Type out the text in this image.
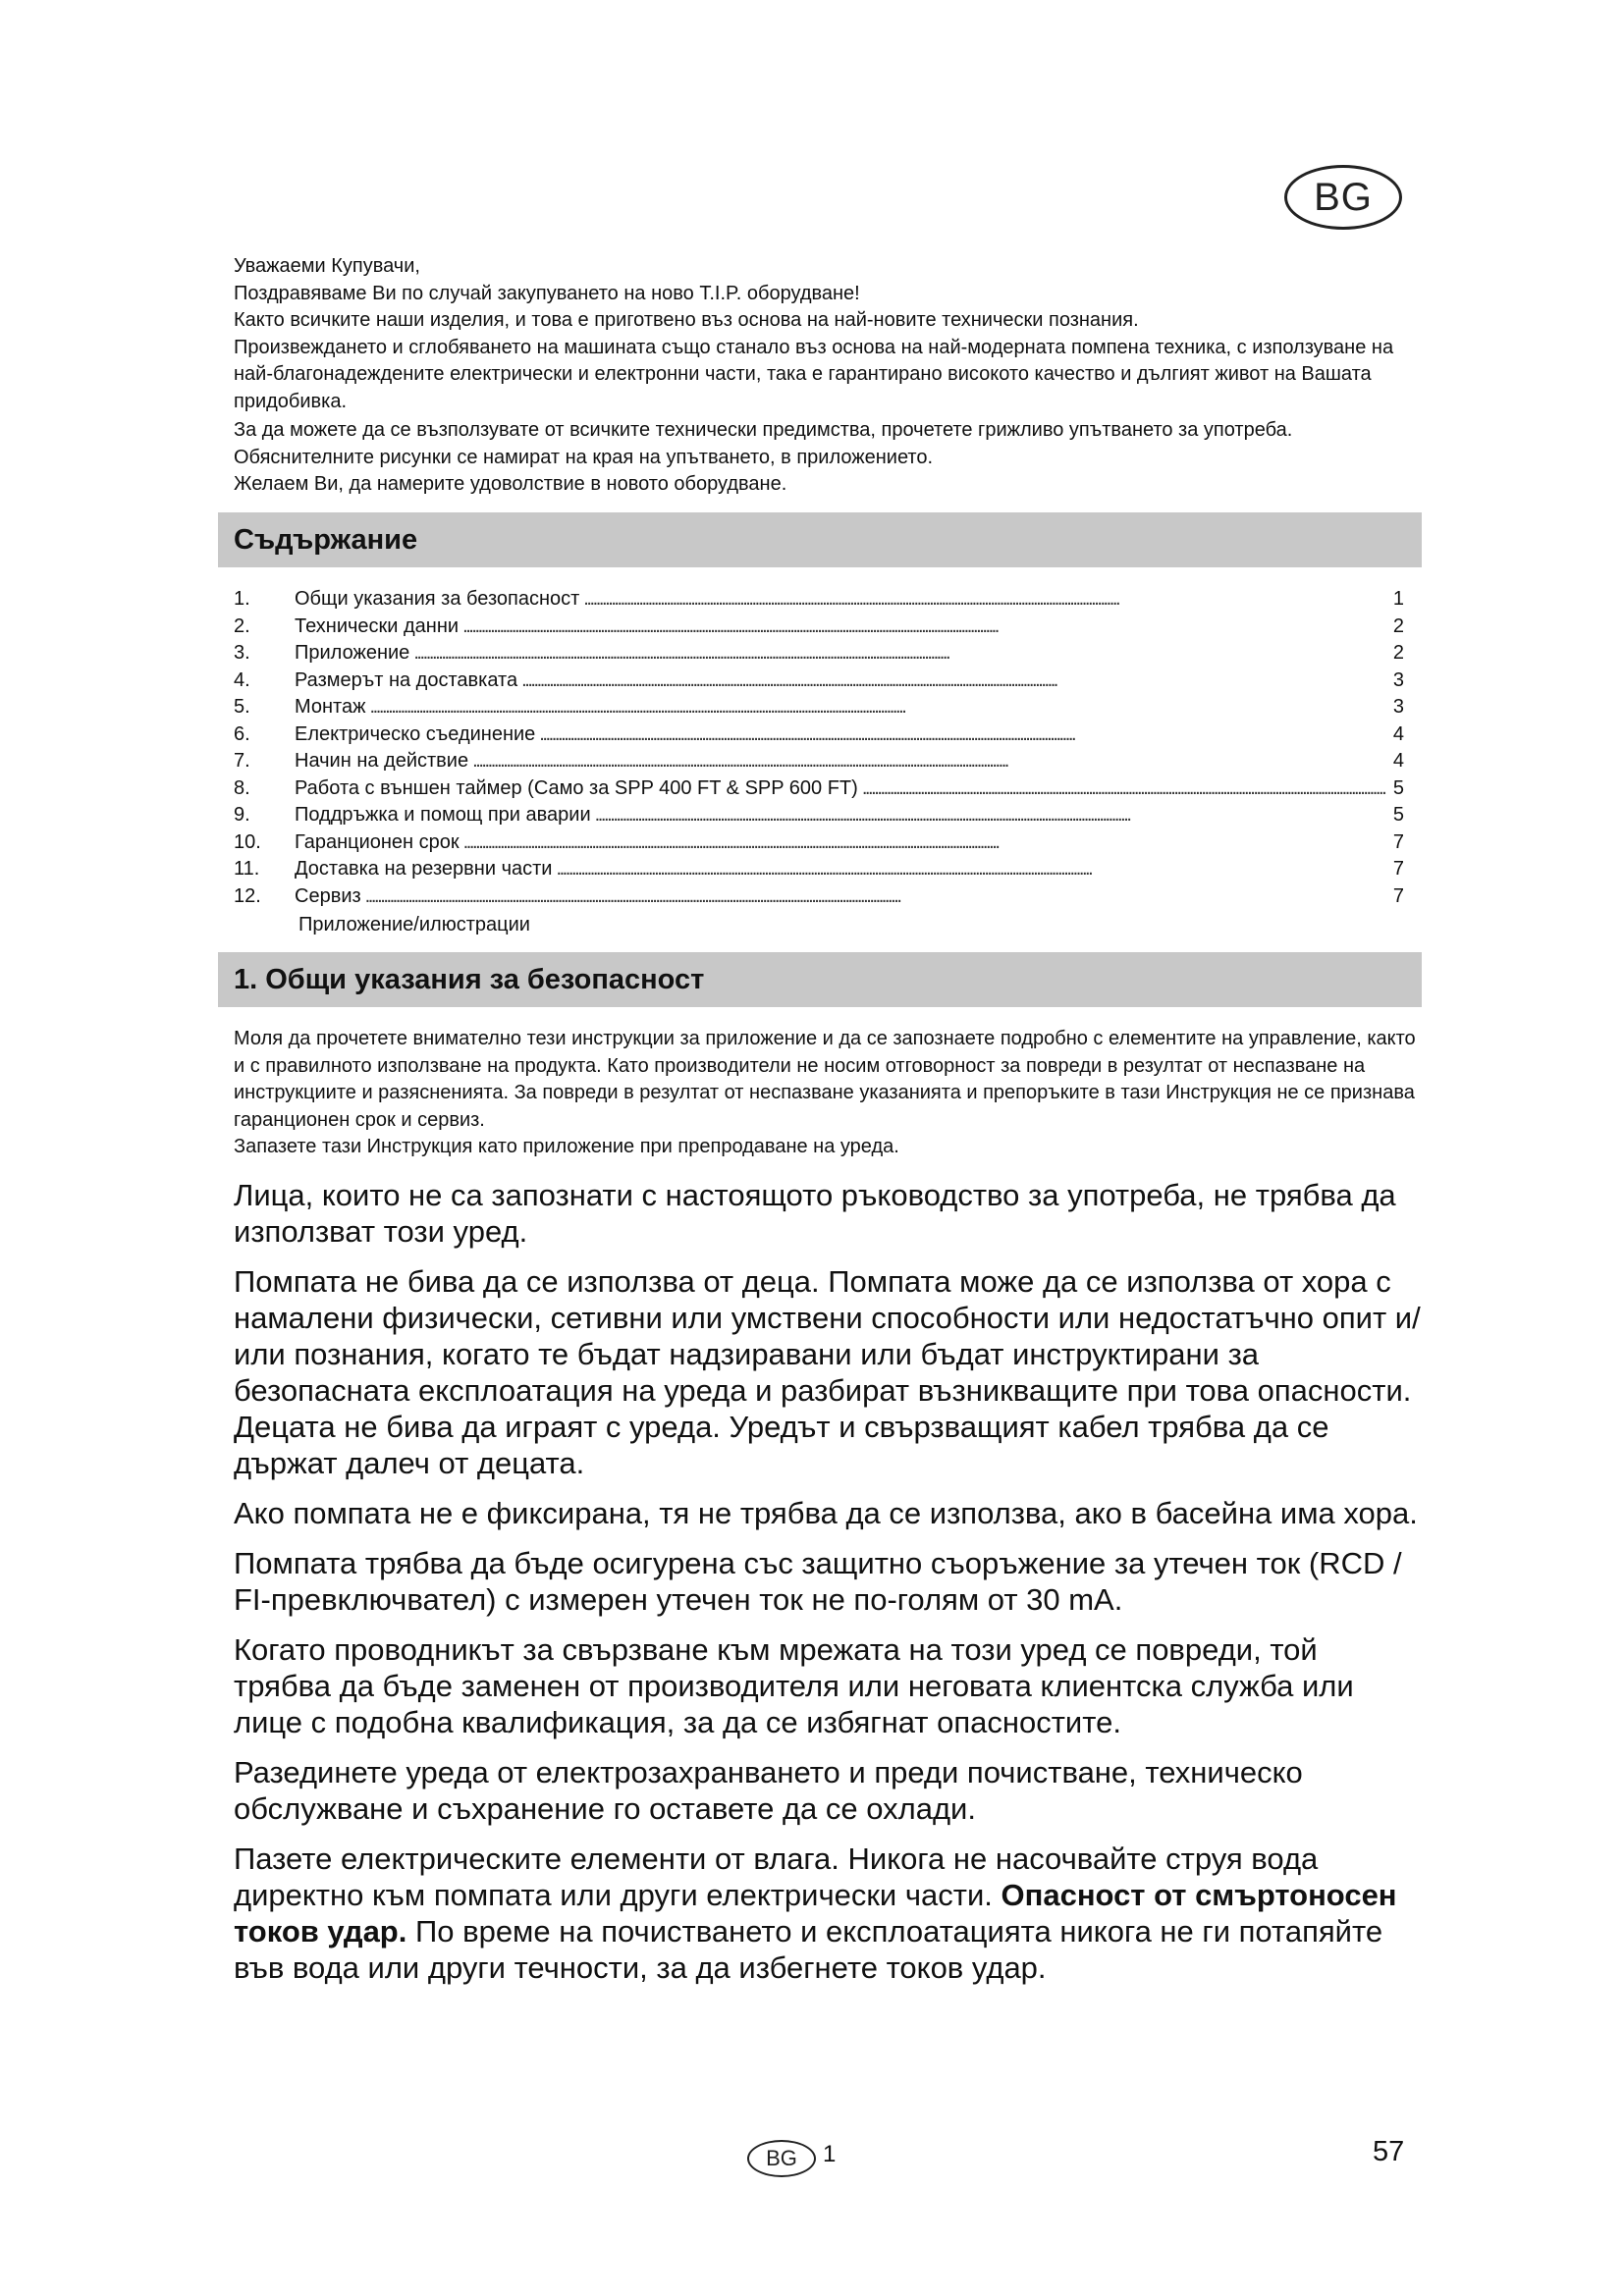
BG

Уважаеми Купувачи,

Поздравяваме Ви по случай закупуването на ново T.I.P. оборудване!

Както всичките наши изделия, и това е приготвено въз основа на най-новите технически познания.

Произвеждането и сглобяването на машината също станало въз основа на най-модерната помпена техника, с използуване на най-благонадеждените електрически и електронни части, така е гарантирано високото качество и дългият живот на Вашата придобивка.

За да можете да се възползувате от всичките технически предимства, прочетете грижливо упътването за употреба. Обяснителните рисунки се намират на края на упътването, в приложението.

Желаем Ви, да намерите удоволствие в новото оборудване.

Съдържание
1.	Общи указания за безопасност . . .	1
2.	Технически данни . . .	2
3.	Приложение . . .	2
4.	Размерът на доставката . . .	3
5.	Монтаж . . .	3
6.	Електрическо съединение . . .	4
7.	Начин на действие . . .	4
8.	Работа с външен таймер (Само за SPP 400 FT & SPP 600 FT) . . .	5
9.	Поддръжка и помощ при аварии . . .	5
10.	Гаранционен срок . . .	7
11.	Доставка на резервни части . . .	7
12.	Сервиз . . .	7
Приложение/илюстрации
1. Общи указания за безопасност

Моля да прочетете внимателно тези инструкции за приложение и да се запознаете подробно с елементите на управление, както и с правилното използване на продукта. Като производители не носим отговорност за повреди в резултат от неспазване на инструкциите и разясненията. За повреди в резултат от неспазване указанията и препоръките в тази Инструкция не се признава гаранционен срок и сервиз.

Запазете тази Инструкция като приложение при препродаване на уреда.

Лица, които не са запознати с настоящото ръководство за употреба, не трябва да използват този уред.

Помпата не бива да се използва от деца. Помпата може да се използва от хора с намалени физически, сетивни или умствени способности или недостатъчно опит и/или познания, когато те бъдат надзиравани или бъдат инструктирани за безопасната експлоатация на уреда и разбират възникващите при това опасности. Децата не бива да играят с уреда. Уредът и свързващият кабел трябва да се държат далеч от децата.

Ако помпата не е фиксирана, тя не трябва да се използва, ако в басейна има хора.

Помпата трябва да бъде осигурена със защитно съоръжение за утечен ток (RCD / FI-превключвател) с измерен утечен ток не по-голям от 30 mA.

Когато проводникът за свързване към мрежата на този уред се повреди, той трябва да бъде заменен от производителя или неговата клиентска служба или лице с подобна квалификация, за да се избягнат опасностите.

Разединете уреда от електрозахранването и преди почистване, техническо обслужване и съхранение го оставете да се охлади.

Пазете електрическите елементи от влага. Никога не насочвайте струя вода директно към помпата или други електрически части. Опасност от смъртоносен токов удар. По време на почистването и експлоатацията никога не ги потапяйте във вода или други течности, за да избегнете токов удар.

BG	1	57
